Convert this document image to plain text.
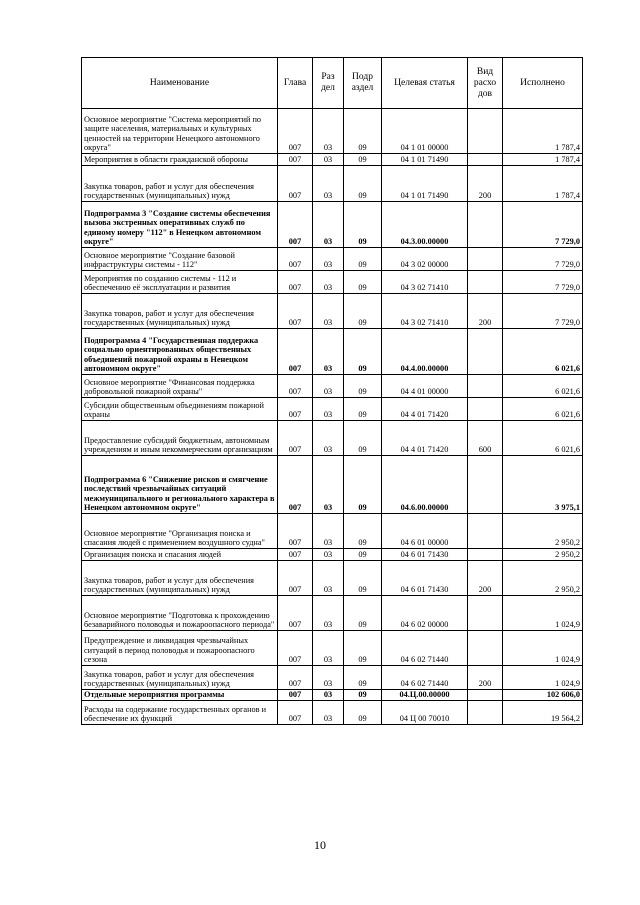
Наименование	Глава	Раз дел	Подр аздел	Целевая статья	Вид расхо дов	Исполнено
Основное мероприятие "Система мероприятий по защите населения, материальных и культурных ценностей на территории Ненецкого автономного округа"	007	03	09	04 1 01 00000		1 787,4
Мероприятия в области гражданской обороны	007	03	09	04 1 01 71490		1 787,4
Закупка товаров, работ и услуг для обеспечения государственных (муниципальных) нужд	007	03	09	04 1 01 71490	200	1 787,4
Подпрограмма 3 "Создание системы обеспечения вызова экстренных оперативных служб по единому номеру "112" в Ненецком автономном округе"	007	03	09	04.3.00.00000		7 729,0
Основное мероприятие "Создание базовой инфраструктуры системы - 112"	007	03	09	04 3 02 00000		7 729,0
Мероприятия по созданию системы - 112 и обеспечению её эксплуатации и развития	007	03	09	04 3 02 71410		7 729,0
Закупка товаров, работ и услуг для обеспечения государственных (муниципальных) нужд	007	03	09	04 3 02 71410	200	7 729,0
Подпрограмма 4 "Государственная поддержка социально ориентированных общественных объединений пожарной охраны в Ненецком автономном округе"	007	03	09	04.4.00.00000		6 021,6
Основное мероприятие "Финансовая поддержка добровольной пожарной охраны"	007	03	09	04 4 01 00000		6 021,6
Субсидии общественным объединениям пожарной охраны	007	03	09	04 4 01 71420		6 021,6
Предоставление субсидий бюджетным, автономным учреждениям и иным некоммерческим организациям	007	03	09	04 4 01 71420	600	6 021,6
Подпрограмма 6 "Снижение рисков и смягчение последствий чрезвычайных ситуаций межмуниципального и регионального характера в Ненецком автономном округе"	007	03	09	04.6.00.00000		3 975,1
Основное мероприятие "Организация поиска и спасания людей с применением воздушного судна"	007	03	09	04 6 01 00000		2 950,2
Организация поиска и спасания людей	007	03	09	04 6 01 71430		2 950,2
Закупка товаров, работ и услуг для обеспечения государственных (муниципальных) нужд	007	03	09	04 6 01 71430	200	2 950,2
Основное мероприятие "Подготовка к прохождению безаварийного половодья и пожароопасного периода"	007	03	09	04 6 02 00000		1 024,9
Предупреждение и ликвидация чрезвычайных ситуаций в период половодья и пожароопасного сезона	007	03	09	04 6 02 71440		1 024,9
Закупка товаров, работ и услуг для обеспечения государственных (муниципальных) нужд	007	03	09	04 6 02 71440	200	1 024,9
Отдельные мероприятия программы	007	03	09	04.Ц.00.00000		102 606,0
Расходы на содержание государственных органов и обеспечение их функций	007	03	09	04 Ц 00 70010		19 564,2
10
